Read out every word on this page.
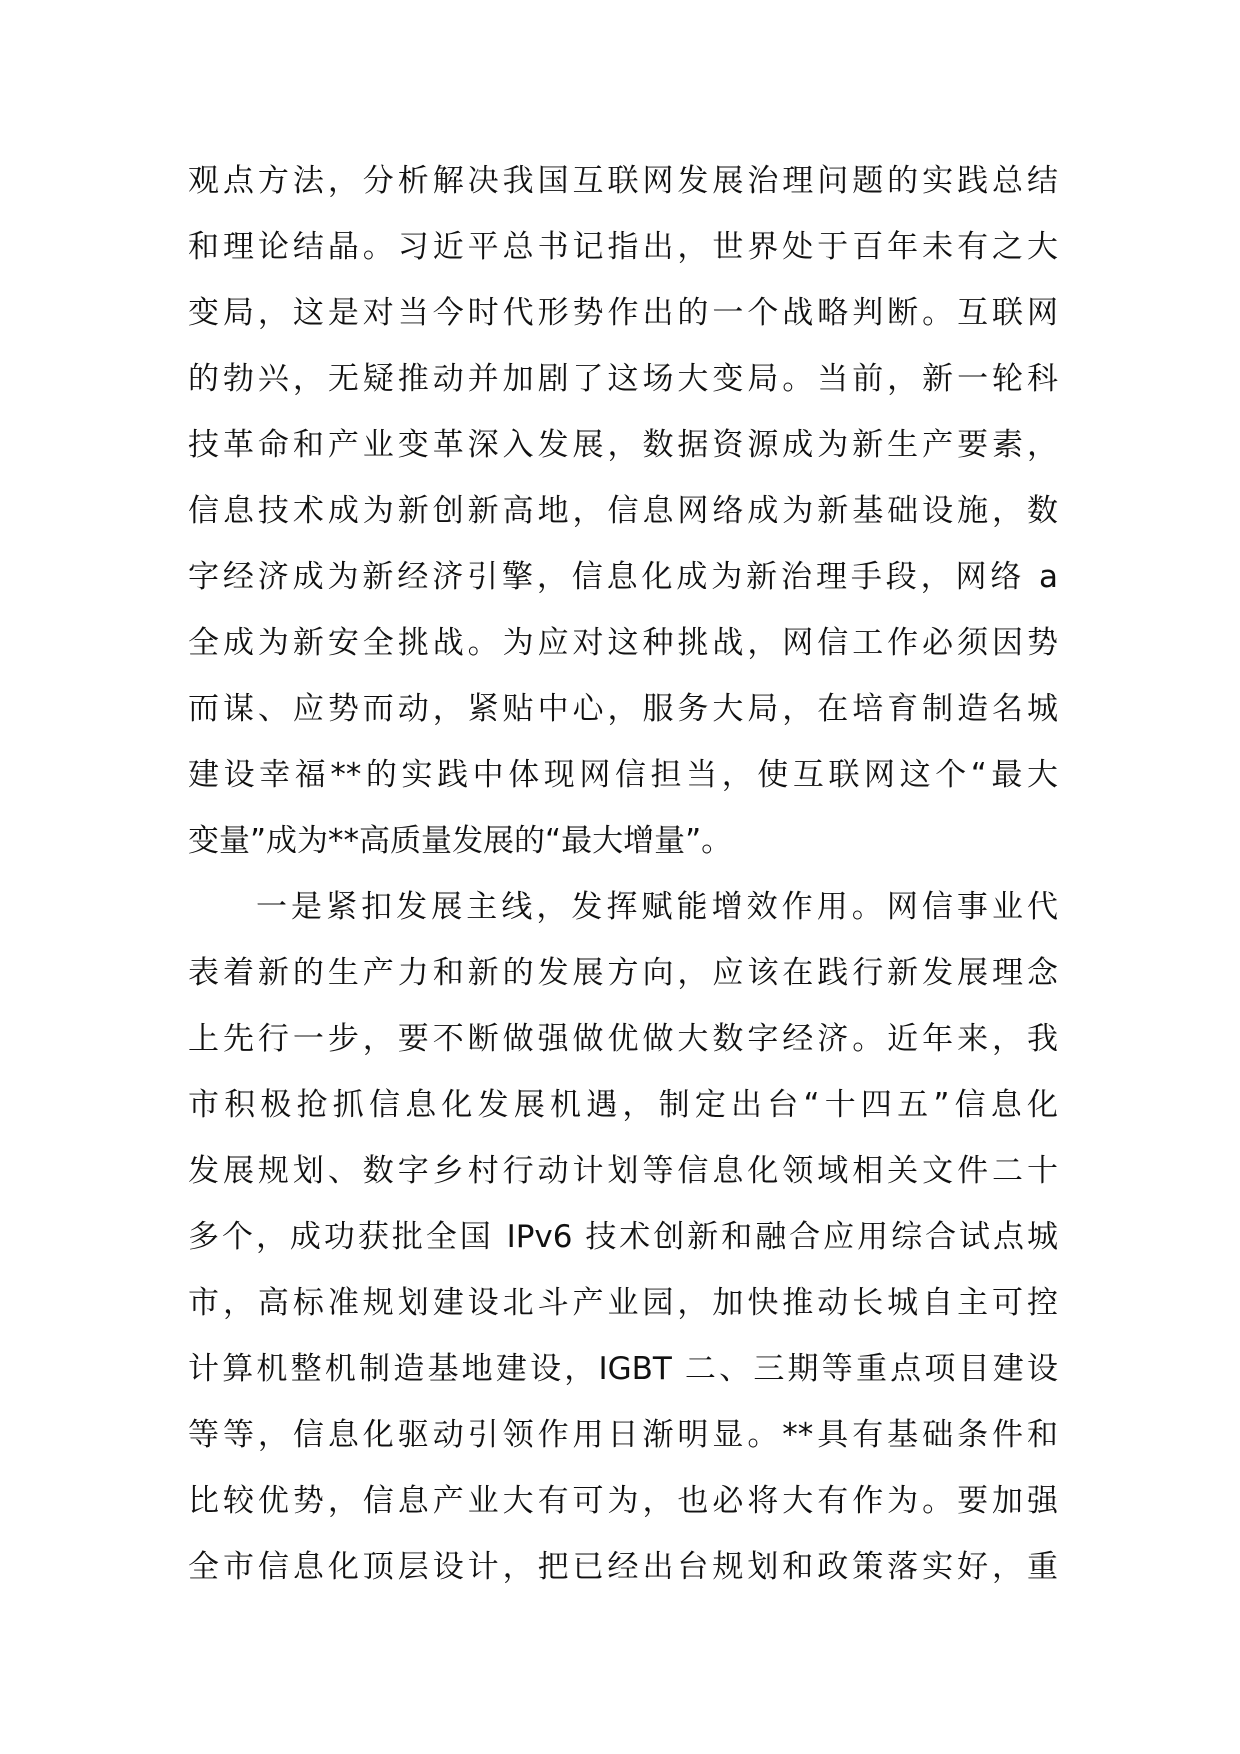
观点方法，分析解决我国互联网发展治理问题的实践总结

和理论结晶。习近平总书记指出，世界处于百年未有之大

变局，这是对当今时代形势作出的一个战略判断。互联网

的勃兴，无疑推动并加剧了这场大变局。当前，新一轮科

技革命和产业变革深入发展，数据资源成为新生产要素，

信息技术成为新创新高地，信息网络成为新基础设施，数

字经济成为新经济引擎，信息化成为新治理手段，网络 a

全成为新安全挑战。为应对这种挑战，网信工作必须因势

而谋、应势而动，紧贴中心，服务大局，在培育制造名城

建设幸福**的实践中体现网信担当，使互联网这个“最大

变量”成为**高质量发展的“最大增量”。

一是紧扣发展主线，发挥赋能增效作用。网信事业代

表着新的生产力和新的发展方向，应该在践行新发展理念

上先行一步，要不断做强做优做大数字经济。近年来，我

市积极抢抓信息化发展机遇，制定出台“十四五”信息化

发展规划、数字乡村行动计划等信息化领域相关文件二十

多个，成功获批全国 IPv6 技术创新和融合应用综合试点城

市，高标准规划建设北斗产业园，加快推动长城自主可控

计算机整机制造基地建设，IGBT 二、三期等重点项目建设

等等，信息化驱动引领作用日渐明显。**具有基础条件和

比较优势，信息产业大有可为，也必将大有作为。要加强

全市信息化顶层设计，把已经出台规划和政策落实好，重
